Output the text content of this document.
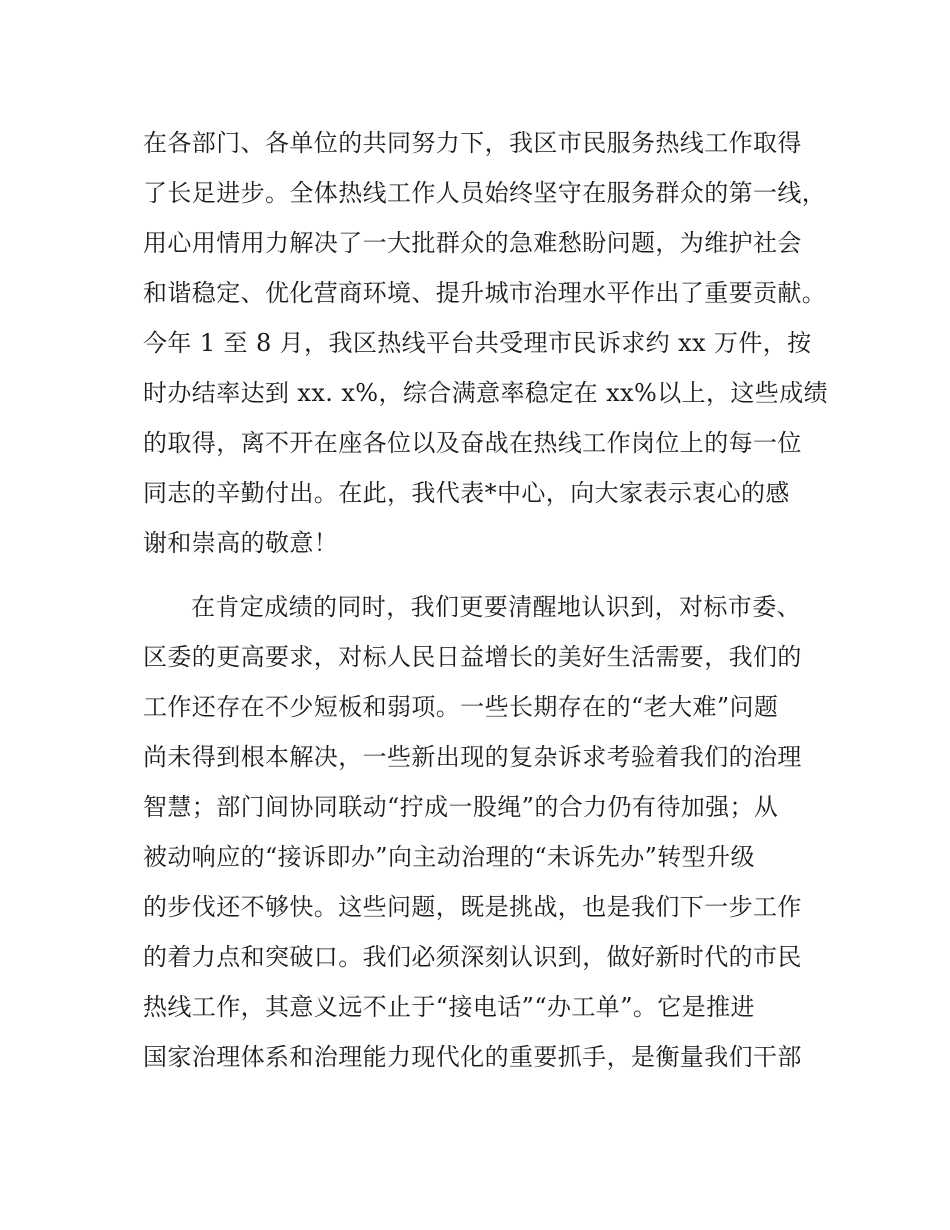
在各部门、各单位的共同努力下，我区市民服务热线工作取得
了长足进步。全体热线工作人员始终坚守在服务群众的第一线，
用心用情用力解决了一大批群众的急难愁盼问题，为维护社会
和谐稳定、优化营商环境、提升城市治理水平作出了重要贡献。
今年 1 至 8 月，我区热线平台共受理市民诉求约 xx 万件，按
时办结率达到 xx. x%，综合满意率稳定在 xx%以上，这些成绩
的取得，离不开在座各位以及奋战在热线工作岗位上的每一位
同志的辛勤付出。在此，我代表*中心，向大家表示衷心的感
谢和崇高的敬意！
在肯定成绩的同时，我们更要清醒地认识到，对标市委、
区委的更高要求，对标人民日益增长的美好生活需要，我们的
工作还存在不少短板和弱项。一些长期存在的“老大难”问题
尚未得到根本解决，一些新出现的复杂诉求考验着我们的治理
智慧；部门间协同联动“拧成一股绳”的合力仍有待加强；从
被动响应的“接诉即办”向主动治理的“未诉先办”转型升级
的步伐还不够快。这些问题，既是挑战，也是我们下一步工作
的着力点和突破口。我们必须深刻认识到，做好新时代的市民
热线工作，其意义远不止于“接电话”“办工单”。它是推进
国家治理体系和治理能力现代化的重要抓手，是衡量我们干部
